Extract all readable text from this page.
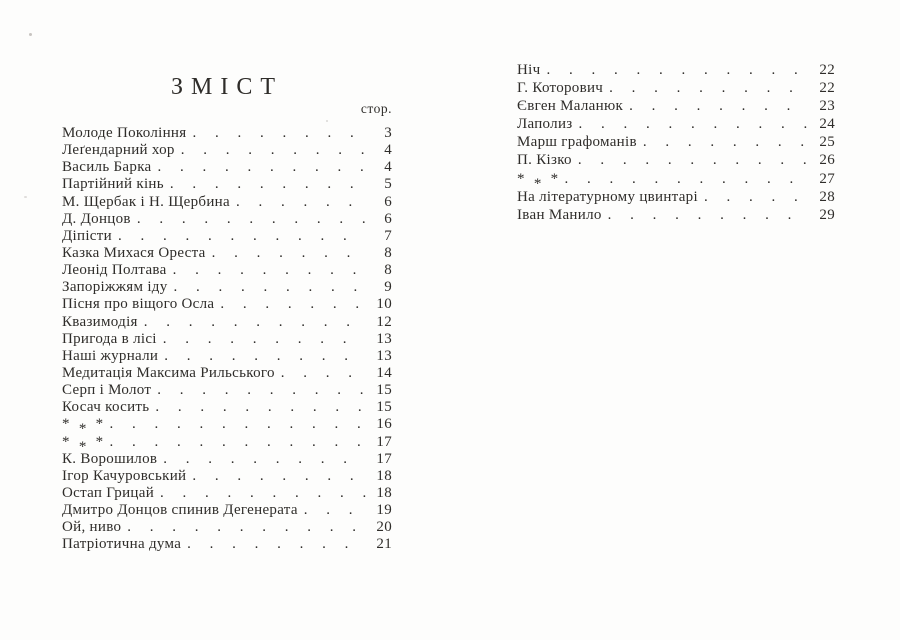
ЗМІСТ
стор.
Молоде Покоління . . .	3
Леґендарний хор . . .	4
Василь Барка . . .	4
Партійний кінь . . .	5
М. Щербак і Н. Щербина . . .	6
Д. Донцов . . .	6
Діпісти . . .	7
Казка Михася Ореста . . .	8
Леонід Полтава . . .	8
Запоріжжям іду . . .	9
Пісня про віщого Осла . . .	10
Квазимодія . . .	12
Пригода в лісі . . .	13
Наші журнали . . .	13
Медитація Максима Рильського . . .	14
Серп і Молот . . .	15
Косач косить . . .	15
* * * . . .	16
* * * . . .	17
К. Ворошилов . . .	17
Ігор Качуровський . . .	18
Остап Грицай . . .	18
Дмитро Донцов спинив Дегенерата . . .	19
Ой, ниво . . .	20
Патріотична дума . . .	21
Ніч . . .	22
Г. Которович . . .	22
Євген Маланюк . . .	23
Лаполиз . . .	24
Марш графоманів . . .	25
П. Кізко . . .	26
* * * . . .	27
На літературному цвинтарі . . .	28
Іван Манило . . .	29
